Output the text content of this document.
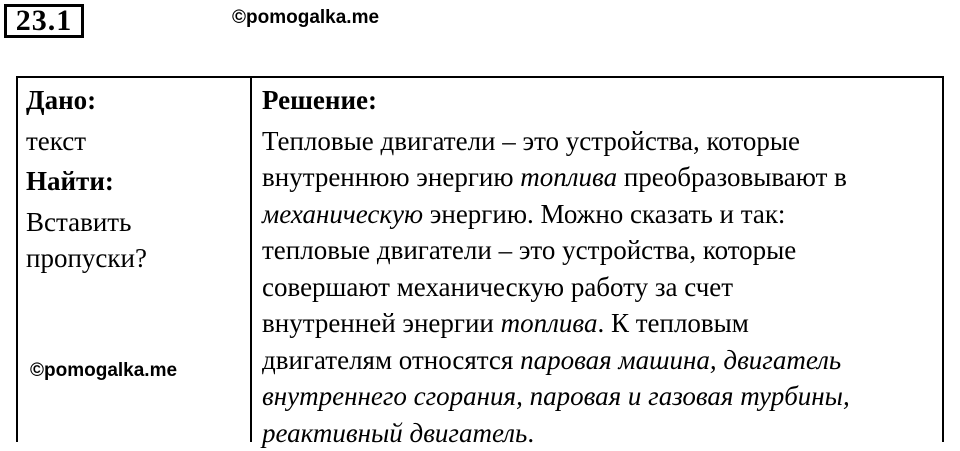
23.1	©pomogalka.me
Дано:
текст
Найти:
Вставить
пропуски?
Решение:
Тепловые двигатели – это устройства, которые
внутреннюю энергию топлива преобразовывают в
механическую энергию. Можно сказать и так:
тепловые двигатели – это устройства, которые
совершают механическую работу за счет
внутренней энергии топлива. К тепловым
двигателям относятся паровая машина, двигатель
внутреннего сгорания, паровая и газовая турбины,
реактивный двигатель.
©pomogalka.me
